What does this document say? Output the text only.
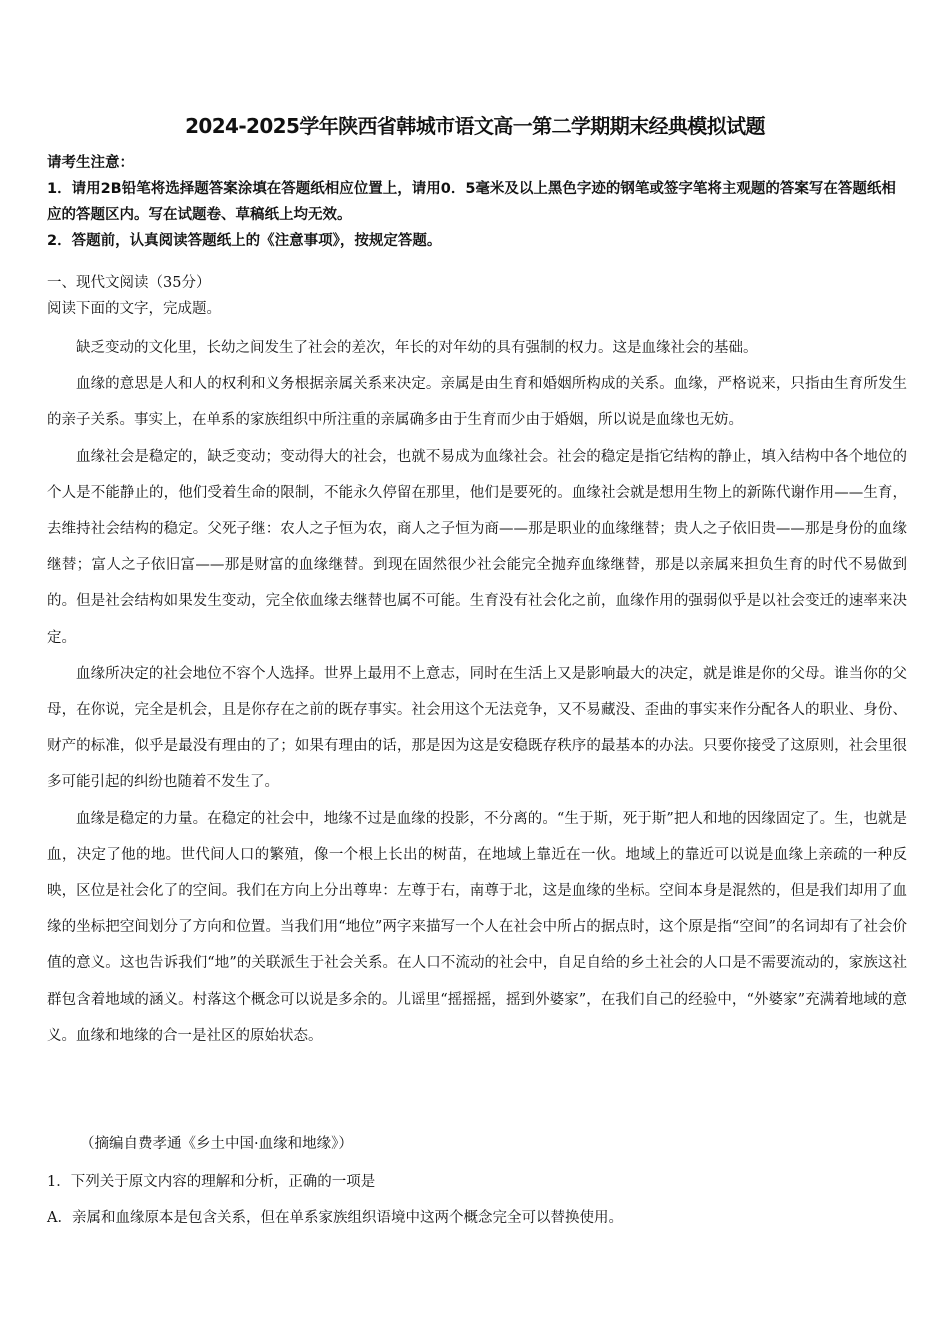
2024-2025学年陕西省韩城市语文高一第二学期期末经典模拟试题

请考生注意：

1．请用2B铅笔将选择题答案涂填在答题纸相应位置上，请用0．5毫米及以上黑色字迹的钢笔或签字笔将主观题的答案写在答题纸相应的答题区内。写在试题卷、草稿纸上均无效。

2．答题前，认真阅读答题纸上的《注意事项》，按规定答题。

一、现代文阅读（35分）

阅读下面的文字，完成题。

缺乏变动的文化里，长幼之间发生了社会的差次，年长的对年幼的具有强制的权力。这是血缘社会的基础。

血缘的意思是人和人的权利和义务根据亲属关系来决定。亲属是由生育和婚姻所构成的关系。血缘，严格说来，只指由生育所发生的亲子关系。事实上，在单系的家族组织中所注重的亲属确多由于生育而少由于婚姻，所以说是血缘也无妨。

血缘社会是稳定的，缺乏变动；变动得大的社会，也就不易成为血缘社会。社会的稳定是指它结构的静止，填入结构中各个地位的个人是不能静止的，他们受着生命的限制，不能永久停留在那里，他们是要死的。血缘社会就是想用生物上的新陈代谢作用——生育，去维持社会结构的稳定。父死子继：农人之子恒为农，商人之子恒为商——那是职业的血缘继替；贵人之子依旧贵——那是身份的血缘继替；富人之子依旧富——那是财富的血缘继替。到现在固然很少社会能完全抛弃血缘继替，那是以亲属来担负生育的时代不易做到的。但是社会结构如果发生变动，完全依血缘去继替也属不可能。生育没有社会化之前，血缘作用的强弱似乎是以社会变迁的速率来决定。

血缘所决定的社会地位不容个人选择。世界上最用不上意志，同时在生活上又是影响最大的决定，就是谁是你的父母。谁当你的父母，在你说，完全是机会，且是你存在之前的既存事实。社会用这个无法竞争，又不易藏没、歪曲的事实来作分配各人的职业、身份、财产的标准，似乎是最没有理由的了；如果有理由的话，那是因为这是安稳既存秩序的最基本的办法。只要你接受了这原则，社会里很多可能引起的纠纷也随着不发生了。

血缘是稳定的力量。在稳定的社会中，地缘不过是血缘的投影，不分离的。“生于斯，死于斯”把人和地的因缘固定了。生，也就是血，决定了他的地。世代间人口的繁殖，像一个根上长出的树苗，在地域上靠近在一伙。地域上的靠近可以说是血缘上亲疏的一种反映，区位是社会化了的空间。我们在方向上分出尊卑：左尊于右，南尊于北，这是血缘的坐标。空间本身是混然的，但是我们却用了血缘的坐标把空间划分了方向和位置。当我们用“地位”两字来描写一个人在社会中所占的据点时，这个原是指“空间”的名词却有了社会价值的意义。这也告诉我们“地”的关联派生于社会关系。在人口不流动的社会中，自足自给的乡土社会的人口是不需要流动的，家族这社群包含着地域的涵义。村落这个概念可以说是多余的。儿谣里“摇摇摇，摇到外婆家”，在我们自己的经验中，“外婆家”充满着地域的意义。血缘和地缘的合一是社区的原始状态。

（摘编自费孝通《乡土中国·血缘和地缘》）

1．下列关于原文内容的理解和分析，正确的一项是

A．亲属和血缘原本是包含关系，但在单系家族组织语境中这两个概念完全可以替换使用。
